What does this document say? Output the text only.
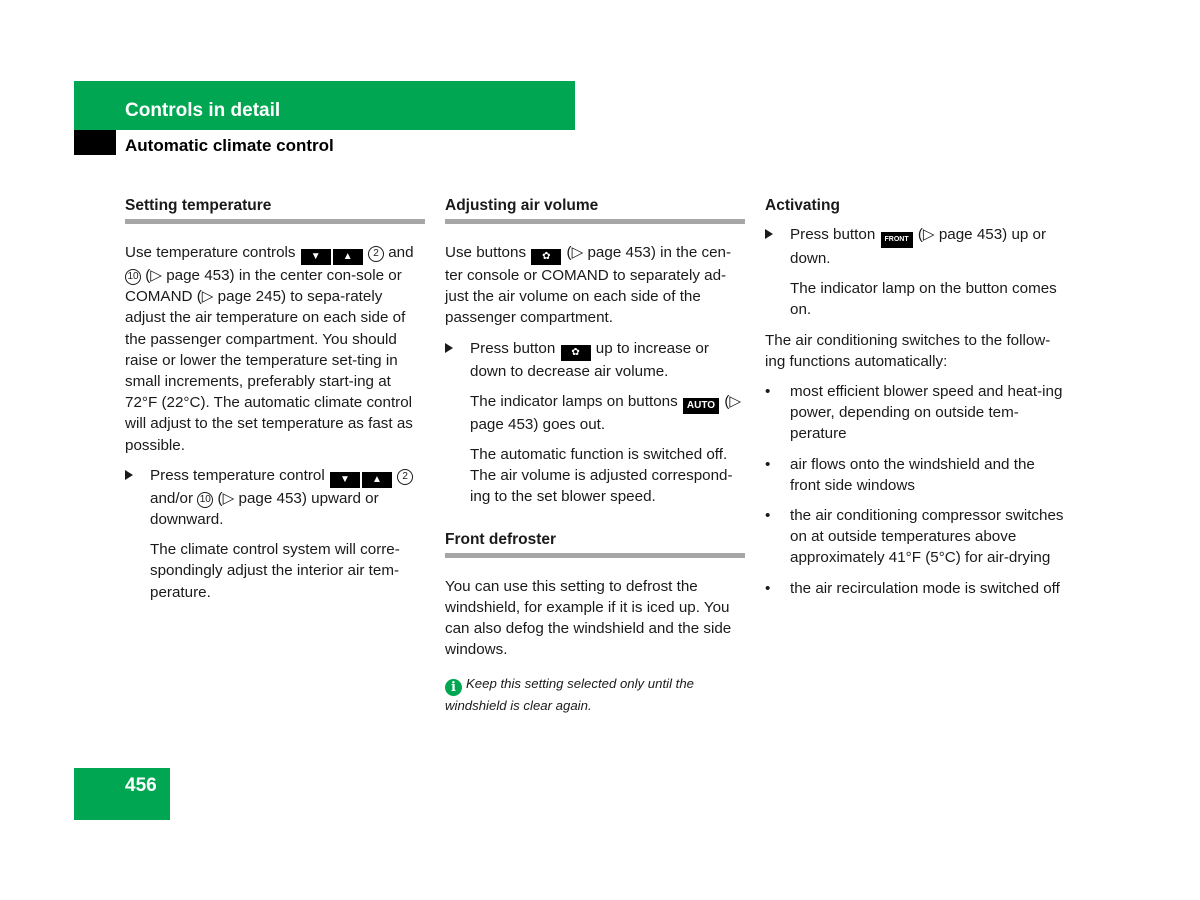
Controls in detail
Automatic climate control
Setting temperature

Use temperature controls ▼ ▲ 2 and 10 (▷ page 453) in the center con-sole or COMAND (▷ page 245) to sepa-rately adjust the air temperature on each side of the passenger compartment. You should raise or lower the temperature set-ting in small increments, preferably start-ing at 72°F (22°C). The automatic climate control will adjust to the set temperature as fast as possible.

Press temperature control ▼ ▲ 2 and/or 10 (▷ page 453) upward or downward.

The climate control system will corre-spondingly adjust the interior air tem-perature.

Adjusting air volume

Use buttons ✿ (▷ page 453) in the cen-ter console or COMAND to separately ad-just the air volume on each side of the passenger compartment.

Press button ✿ up to increase or down to decrease air volume.

The indicator lamps on buttons AUTO (▷ page 453) goes out.

The automatic function is switched off. The air volume is adjusted correspond-ing to the set blower speed.

Front defroster

You can use this setting to defrost the windshield, for example if it is iced up. You can also defog the windshield and the side windows.

i Keep this setting selected only until the windshield is clear again.
Activating
Press button FRONT (▷ page 453) up or down.

The indicator lamp on the button comes on.

The air conditioning switches to the follow-ing functions automatically:

• most efficient blower speed and heat-ing power, depending on outside tem-perature
• air flows onto the windshield and the front side windows
• the air conditioning compressor switches on at outside temperatures above approximately 41°F (5°C) for air-drying
• the air recirculation mode is switched off
456
